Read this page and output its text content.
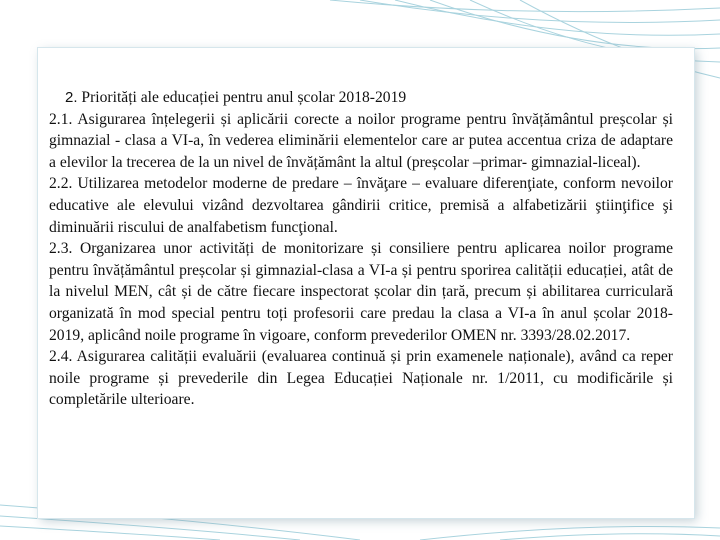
2. Priorități ale educației pentru anul școlar 2018-2019

2.1. Asigurarea înțelegerii și aplicării corecte a noilor programe pentru învățământul preșcolar și gimnazial - clasa a VI-a, în vederea eliminării elementelor care ar putea accentua criza de adaptare a elevilor la trecerea de la un nivel de învățământ la altul (preșcolar –primar- gimnazial-liceal).

2.2. Utilizarea metodelor moderne de predare – învăţare – evaluare diferenţiate, conform nevoilor educative ale elevului vizând dezvoltarea gândirii critice, premisă a alfabetizării ştiinţifice şi diminuării riscului de analfabetism funcţional.

2.3. Organizarea unor activități de monitorizare și consiliere pentru aplicarea noilor programe pentru învățământul preșcolar și gimnazial-clasa a VI-a și pentru sporirea calității educației, atât de la nivelul MEN, cât și de către fiecare inspectorat școlar din țară, precum și abilitarea curriculară organizată în mod special pentru toți profesorii care predau la clasa a VI-a în anul școlar 2018-2019, aplicând noile programe în vigoare, conform prevederilor OMEN nr. 3393/28.02.2017.

2.4. Asigurarea calității evaluării (evaluarea continuă și prin examenele naționale), având ca reper noile programe și prevederile din Legea Educației Naționale nr. 1/2011, cu modificările și completările ulterioare.
